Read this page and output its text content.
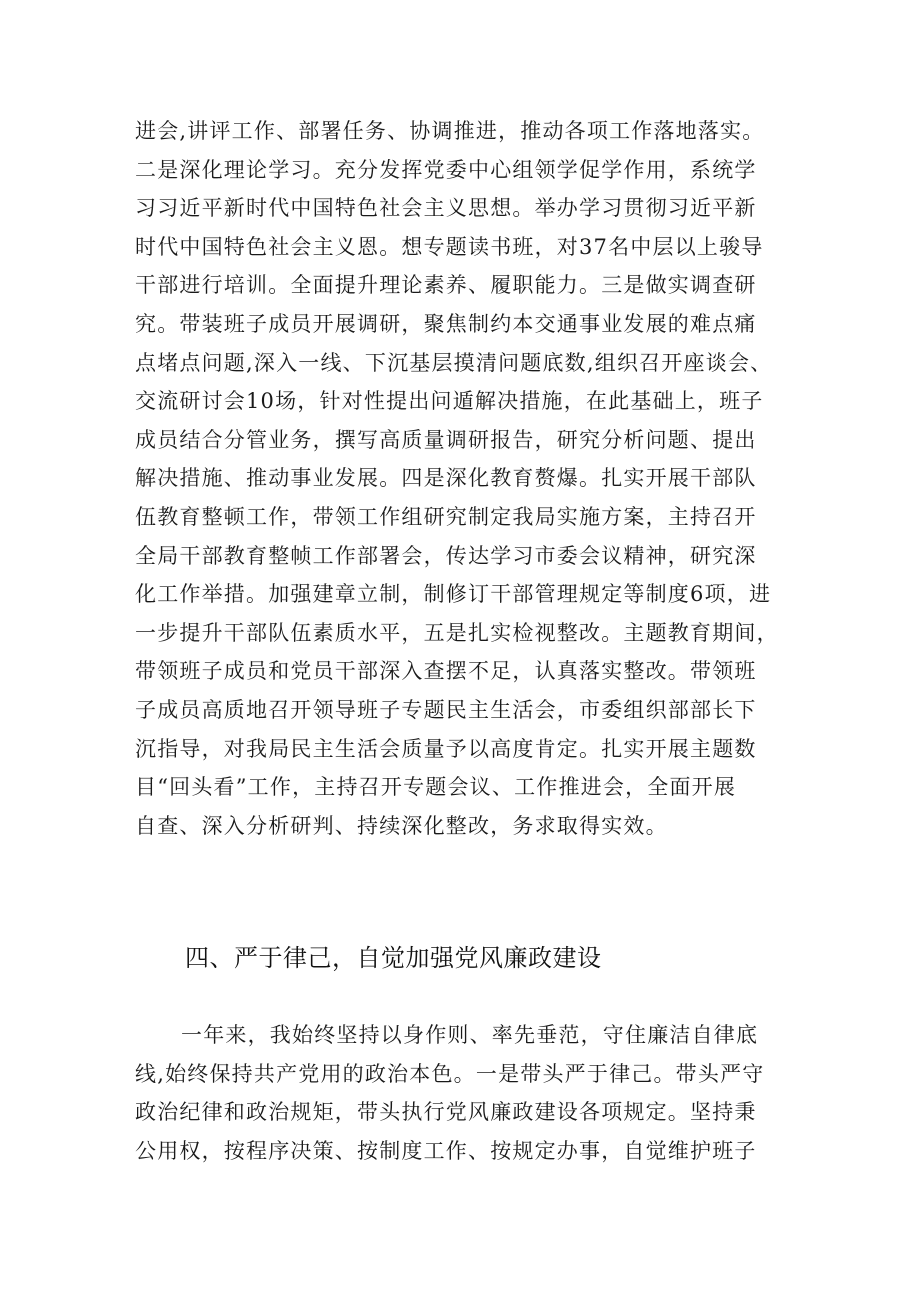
进会,讲评工作、部署任务、协调推进，推动各项工作落地落实。
二是深化理论学习。充分发挥党委中心组领学促学作用，系统学
习习近平新时代中国特色社会主义思想。举办学习贯彻习近平新
时代中国特色社会主义恩。想专题读书班，对37名中层以上骏导
干部进行培训。全面提升理论素养、履职能力。三是做实调查研
究。带装班子成员开展调研，聚焦制约本交通事业发展的难点痛
点堵点问题,深入一线、下沉基层摸清问题底数,组织召开座谈会、
交流研讨会10场，针对性提出问遁解决措施，在此基础上，班子
成员结合分管业务，撰写高质量调研报告，研究分析问题、提出
解决措施、推动事业发展。四是深化教育赘爆。扎实开展干部队
伍教育整顿工作，带领工作组研究制定我局实施方案，主持召开
全局干部教育整帧工作部署会，传达学习市委会议精神，研究深
化工作举措。加强建章立制，制修订干部管理规定等制度6项，进
一步提升干部队伍素质水平，五是扎实检视整改。主题教育期间，
带领班子成员和党员干部深入查摆不足，认真落实整改。带领班
子成员高质地召开领导班子专题民主生活会，市委组织部部长下
沉指导，对我局民主生活会质量予以高度肯定。扎实开展主题数
目“回头看”工作，主持召开专题会议、工作推进会，全面开展
自查、深入分析研判、持续深化整改，务求取得实效。
四、严于律己，自觉加强党风廉政建设
一年来，我始终坚持以身作则、率先垂范，守住廉洁自律底
线,始终保持共产党用的政治本色。一是带头严于律己。带头严守
政治纪律和政治规矩，带头执行党风廉政建设各项规定。坚持秉
公用权，按程序决策、按制度工作、按规定办事，自觉维护班子
